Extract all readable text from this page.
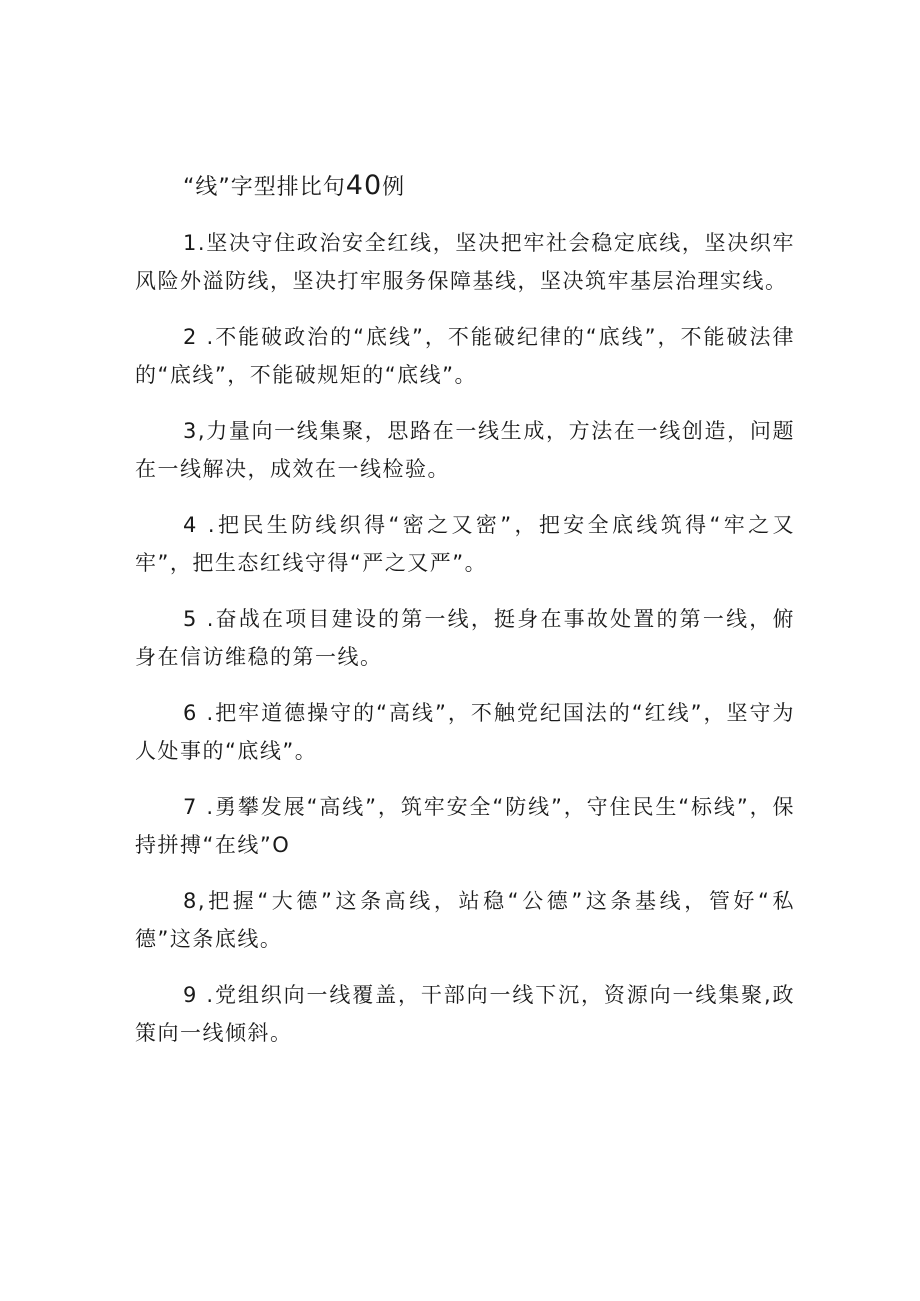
“线”字型排比句40例

1.坚决守住政治安全红线，坚决把牢社会稳定底线，坚决织牢风险外溢防线，坚决打牢服务保障基线，坚决筑牢基层治理实线。

2 .不能破政治的“底线”，不能破纪律的“底线”，不能破法律的“底线”，不能破规矩的“底线”。

3,力量向一线集聚，思路在一线生成，方法在一线创造，问题在一线解决，成效在一线检验。

4 .把民生防线织得“密之又密”，把安全底线筑得“牢之又牢”，把生态红线守得“严之又严”。

5 .奋战在项目建设的第一线，挺身在事故处置的第一线，俯身在信访维稳的第一线。

6 .把牢道德操守的“高线”，不触党纪国法的“红线”，坚守为人处事的“底线”。

7 .勇攀发展“高线”，筑牢安全“防线”，守住民生“标线”，保持拼搏“在线”O

8,把握“大德”这条高线，站稳“公德”这条基线，管好“私德”这条底线。

9 .党组织向一线覆盖，干部向一线下沉，资源向一线集聚,政策向一线倾斜。
